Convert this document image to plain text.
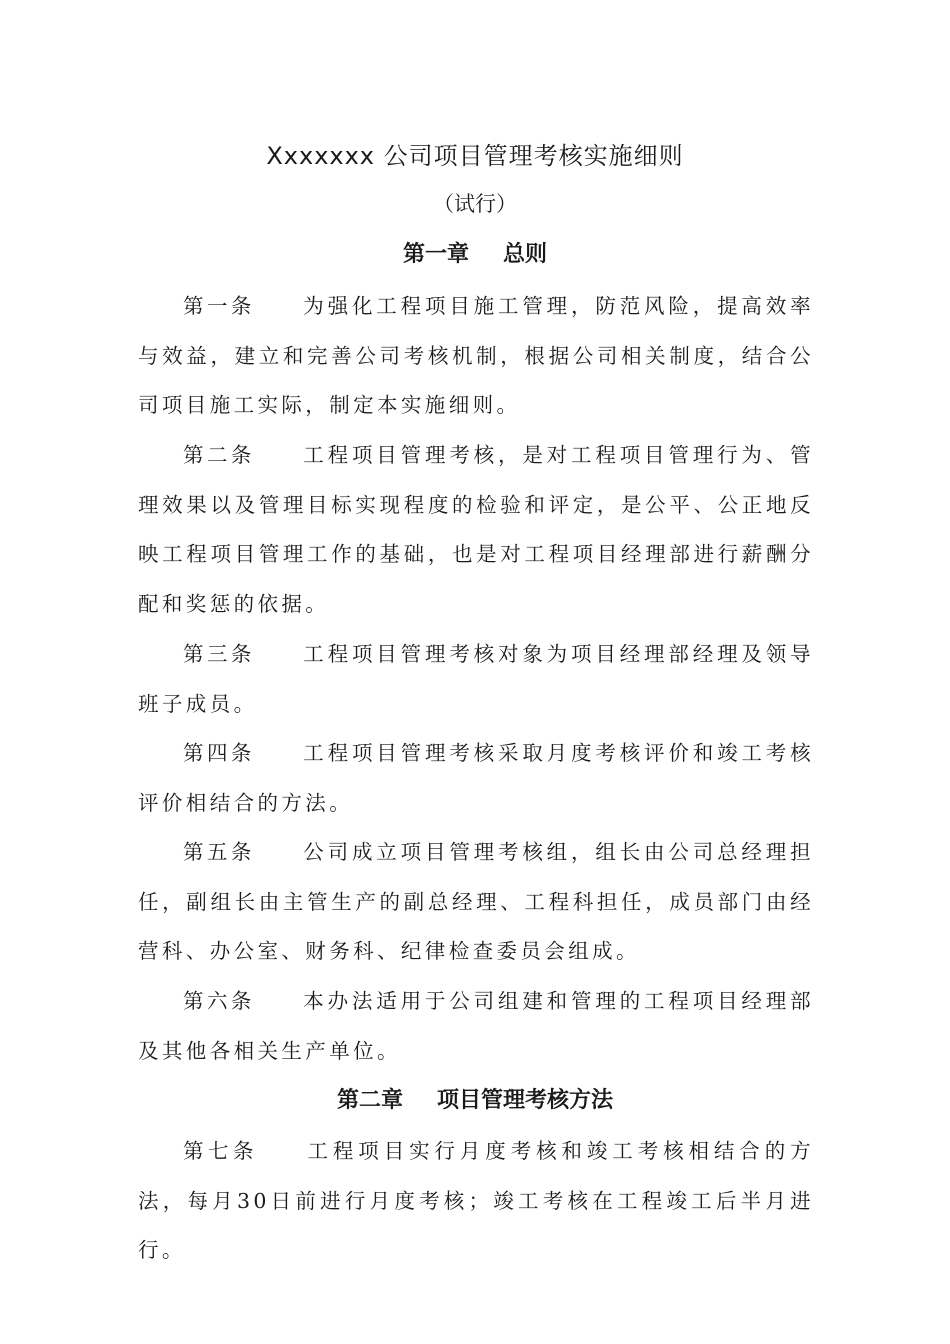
Xxxxxxx 公司项目管理考核实施细则
（试行）
第一章 总则
第一条 为强化工程项目施工管理，防范风险，提高效率与效益，建立和完善公司考核机制，根据公司相关制度，结合公司项目施工实际，制定本实施细则。
第二条 工程项目管理考核，是对工程项目管理行为、管理效果以及管理目标实现程度的检验和评定，是公平、公正地反映工程项目管理工作的基础，也是对工程项目经理部进行薪酬分配和奖惩的依据。
第三条 工程项目管理考核对象为项目经理部经理及领导班子成员。
第四条 工程项目管理考核采取月度考核评价和竣工考核评价相结合的方法。
第五条 公司成立项目管理考核组，组长由公司总经理担任，副组长由主管生产的副总经理、工程科担任，成员部门由经营科、办公室、财务科、纪律检查委员会组成。
第六条 本办法适用于公司组建和管理的工程项目经理部及其他各相关生产单位。
第二章 项目管理考核方法
第七条 工程项目实行月度考核和竣工考核相结合的方法，每月30日前进行月度考核；竣工考核在工程竣工后半月进行。
